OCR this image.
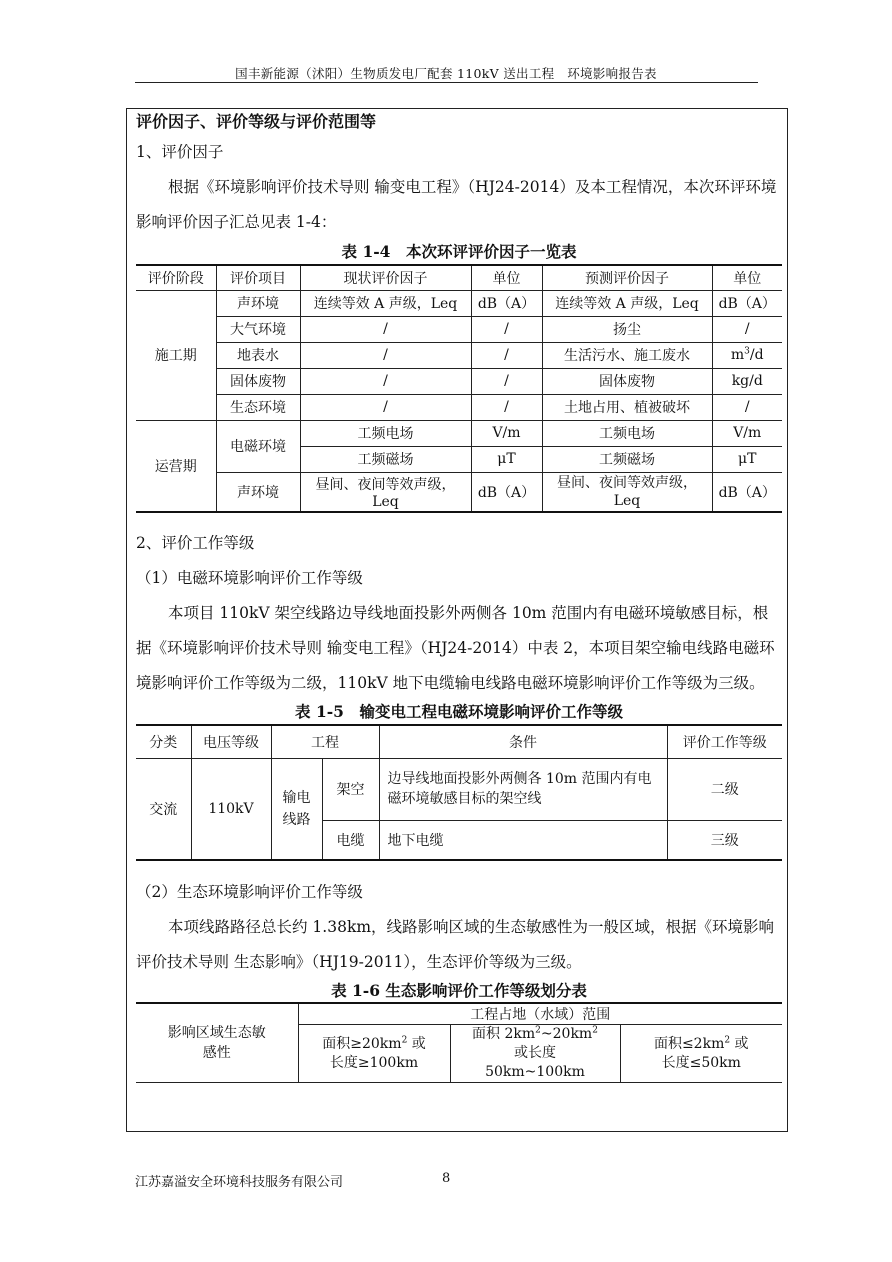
国丰新能源（沭阳）生物质发电厂配套 110kV 送出工程　环境影响报告表
评价因子、评价等级与评价范围等
1、评价因子
根据《环境影响评价技术导则 输变电工程》（HJ24-2014）及本工程情况，本次环评环境影响评价因子汇总见表 1-4：
表 1-4　本次环评评价因子一览表
评价阶段	评价项目	现状评价因子	单位	预测评价因子	单位
施工期	声环境	连续等效 A 声级，Leq	dB（A）	连续等效 A 声级，Leq	dB（A）
	大气环境	/	/	扬尘	/
	地表水	/	/	生活污水、施工废水	$m^3/d$
	固体废物	/	/	固体废物	kg/d
	生态环境	/	/	土地占用、植被破坏	/
运营期	电磁环境	工频电场	V/m	工频电场	V/m
		工频磁场	μT	工频磁场	μT
	声环境	昼间、夜间等效声级，Leq	dB（A）	昼间、夜间等效声级，Leq	dB（A）
2、评价工作等级
（1）电磁环境影响评价工作等级
本项目 110kV 架空线路边导线地面投影外两侧各 10m 范围内有电磁环境敏感目标，根据《环境影响评价技术导则 输变电工程》（HJ24-2014）中表 2，本项目架空输电线路电磁环境影响评价工作等级为二级，110kV 地下电缆输电线路电磁环境影响评价工作等级为三级。
表 1-5　输变电工程电磁环境影响评价工作等级
分类	电压等级	工程		条件	评价工作等级
交流	110kV	输电线路	架空	边导线地面投影外两侧各 10m 范围内有电磁环境敏感目标的架空线	二级
			电缆	地下电缆	三级
（2）生态环境影响评价工作等级
本项线路路径总长约 1.38km，线路影响区域的生态敏感性为一般区域，根据《环境影响评价技术导则 生态影响》（HJ19-2011），生态评价等级为三级。
表 1-6 生态影响评价工作等级划分表
影响区域生态敏感性	工程占地（水域）范围		
	面积$\ge 20km^2$ 或长度≥100km	面积 $2km^2\sim 20km^2$ 或长度 50km~100km	面积$\le 2km^2$ 或长度≤50km
江苏嘉溢安全环境科技服务有限公司	8
